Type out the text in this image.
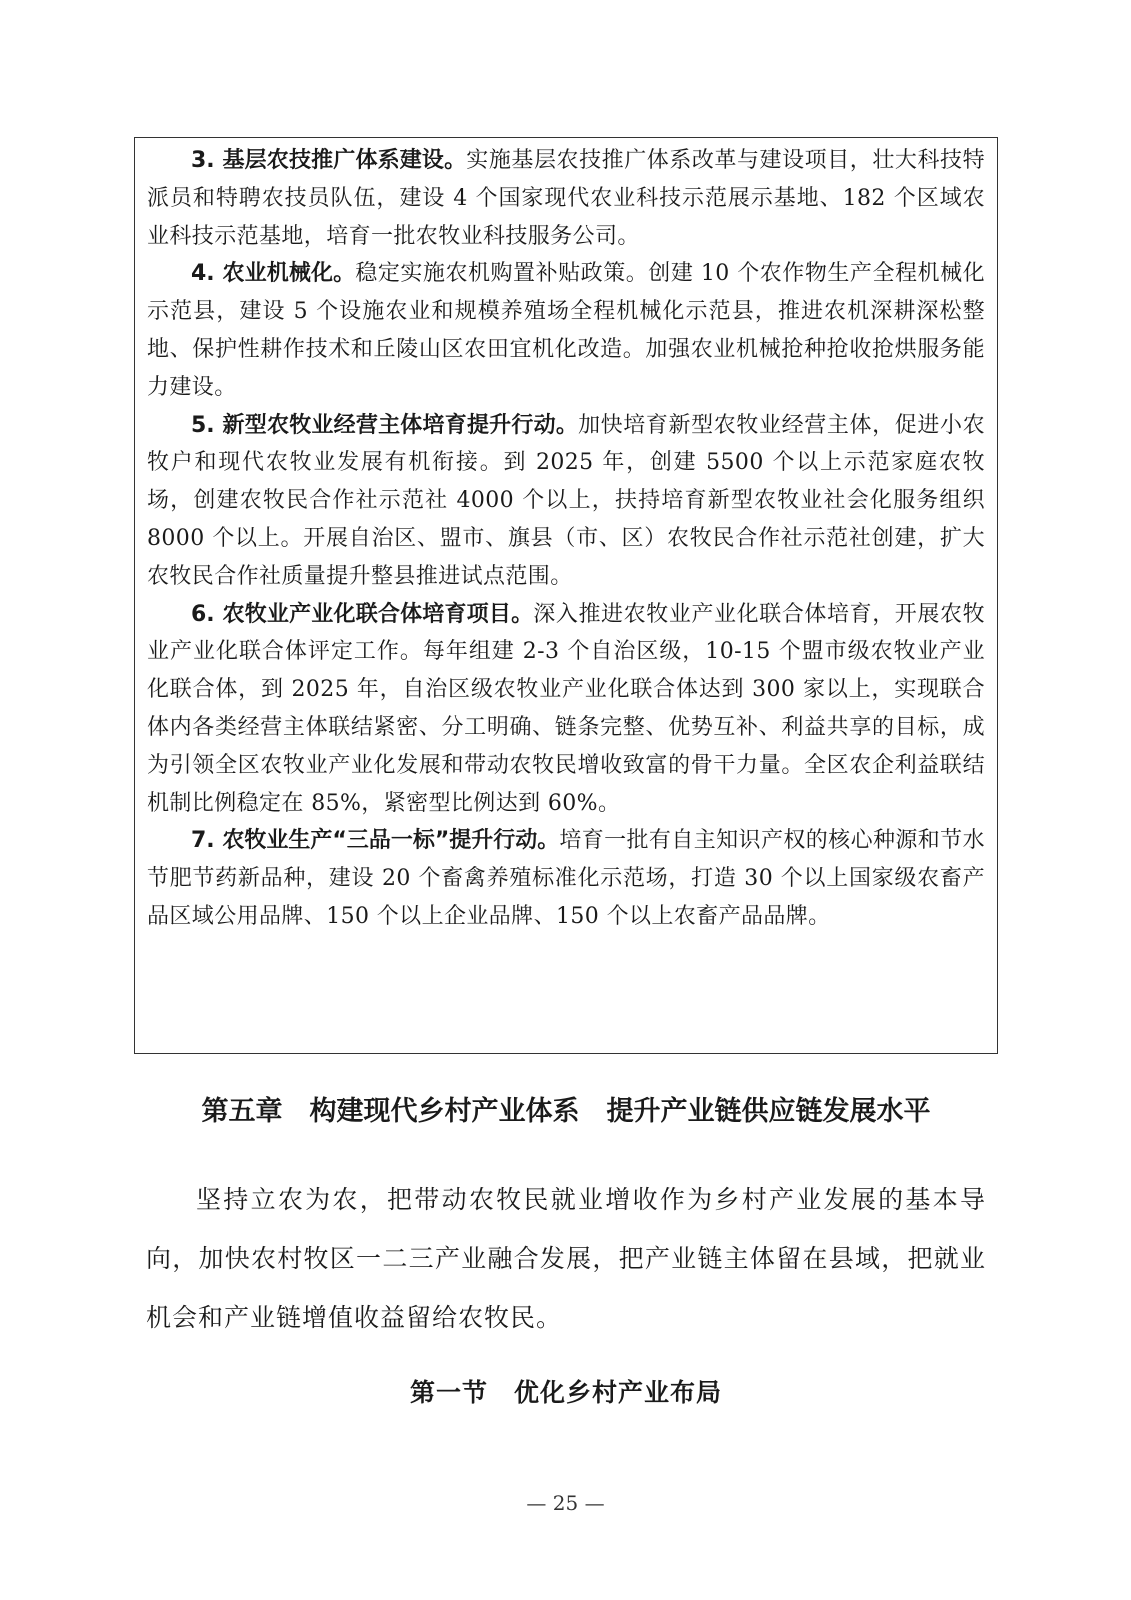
3. 基层农技推广体系建设。实施基层农技推广体系改革与建设项目，壮大科技特派员和特聘农技员队伍，建设 4 个国家现代农业科技示范展示基地、182 个区域农业科技示范基地，培育一批农牧业科技服务公司。

4. 农业机械化。稳定实施农机购置补贴政策。创建 10 个农作物生产全程机械化示范县，建设 5 个设施农业和规模养殖场全程机械化示范县，推进农机深耕深松整地、保护性耕作技术和丘陵山区农田宜机化改造。加强农业机械抢种抢收抢烘服务能力建设。

5. 新型农牧业经营主体培育提升行动。加快培育新型农牧业经营主体，促进小农牧户和现代农牧业发展有机衔接。到 2025 年，创建 5500 个以上示范家庭农牧场，创建农牧民合作社示范社 4000 个以上，扶持培育新型农牧业社会化服务组织 8000 个以上。开展自治区、盟市、旗县（市、区）农牧民合作社示范社创建，扩大农牧民合作社质量提升整县推进试点范围。

6. 农牧业产业化联合体培育项目。深入推进农牧业产业化联合体培育，开展农牧业产业化联合体评定工作。每年组建 2-3 个自治区级，10-15 个盟市级农牧业产业化联合体，到 2025 年，自治区级农牧业产业化联合体达到 300 家以上，实现联合体内各类经营主体联结紧密、分工明确、链条完整、优势互补、利益共享的目标，成为引领全区农牧业产业化发展和带动农牧民增收致富的骨干力量。全区农企利益联结机制比例稳定在 85%，紧密型比例达到 60%。

7. 农牧业生产“三品一标”提升行动。培育一批有自主知识产权的核心种源和节水节肥节药新品种，建设 20 个畜禽养殖标准化示范场，打造 30 个以上国家级农畜产品区域公用品牌、150 个以上企业品牌、150 个以上农畜产品品牌。

第五章　构建现代乡村产业体系　提升产业链供应链发展水平

坚持立农为农，把带动农牧民就业增收作为乡村产业发展的基本导向，加快农村牧区一二三产业融合发展，把产业链主体留在县域，把就业机会和产业链增值收益留给农牧民。

第一节　优化乡村产业布局
— 25 —
